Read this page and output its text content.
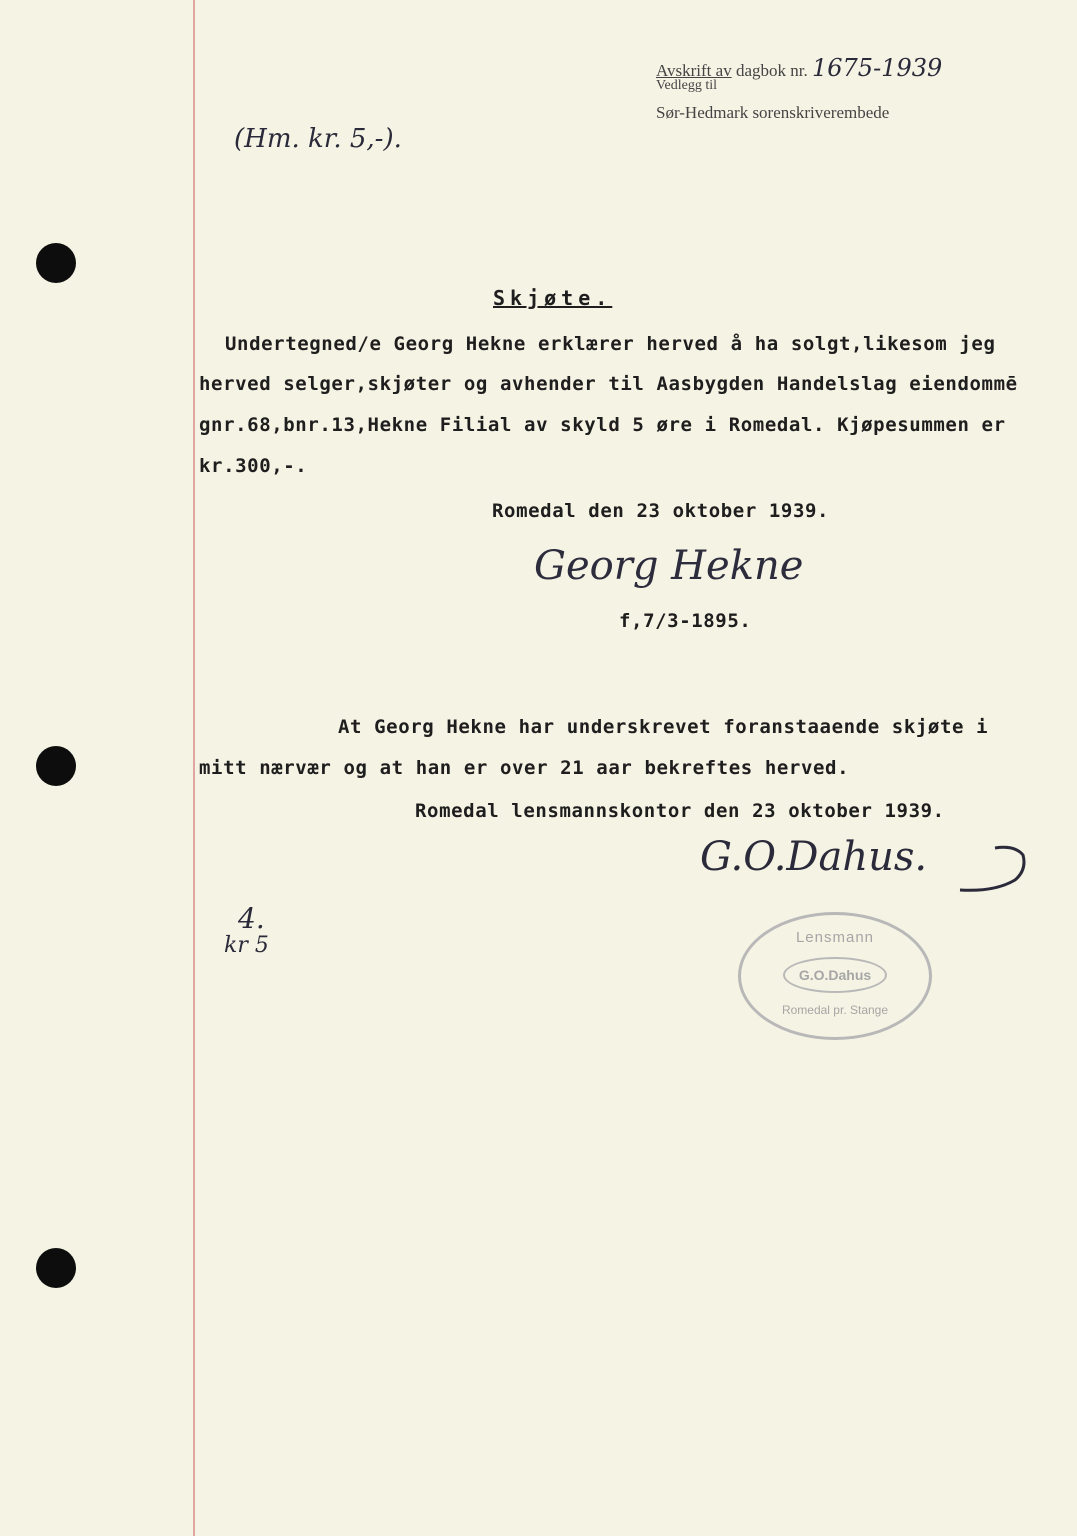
Avskrift av dagbok nr. 1675-1939
Vedlegg til
Sør-Hedmark sorenskriverembede
(Hm. kr. 5,-).
Skjøte.
Undertegned/e Georg Hekne erklærer herved å ha solgt,likesom jeg
herved selger,skjøter og avhender til Aasbygden Handelslag eiendommē
gnr.68,bnr.13,Hekne Filial av skyld 5 øre i Romedal. Kjøpesummen er
kr.300,-.
Romedal den 23 oktober 1939.
Georg Hekne
f,7/3-1895.
At Georg Hekne har underskrevet foranstaaende skjøte i
mitt nærvær og at han er over 21 aar bekreftes herved.
Romedal lensmannskontor den 23 oktober 1939.
G.O.Dahus.
Lensmann
G.O.Dahus
Romedal pr. Stange
4.
kr 5
